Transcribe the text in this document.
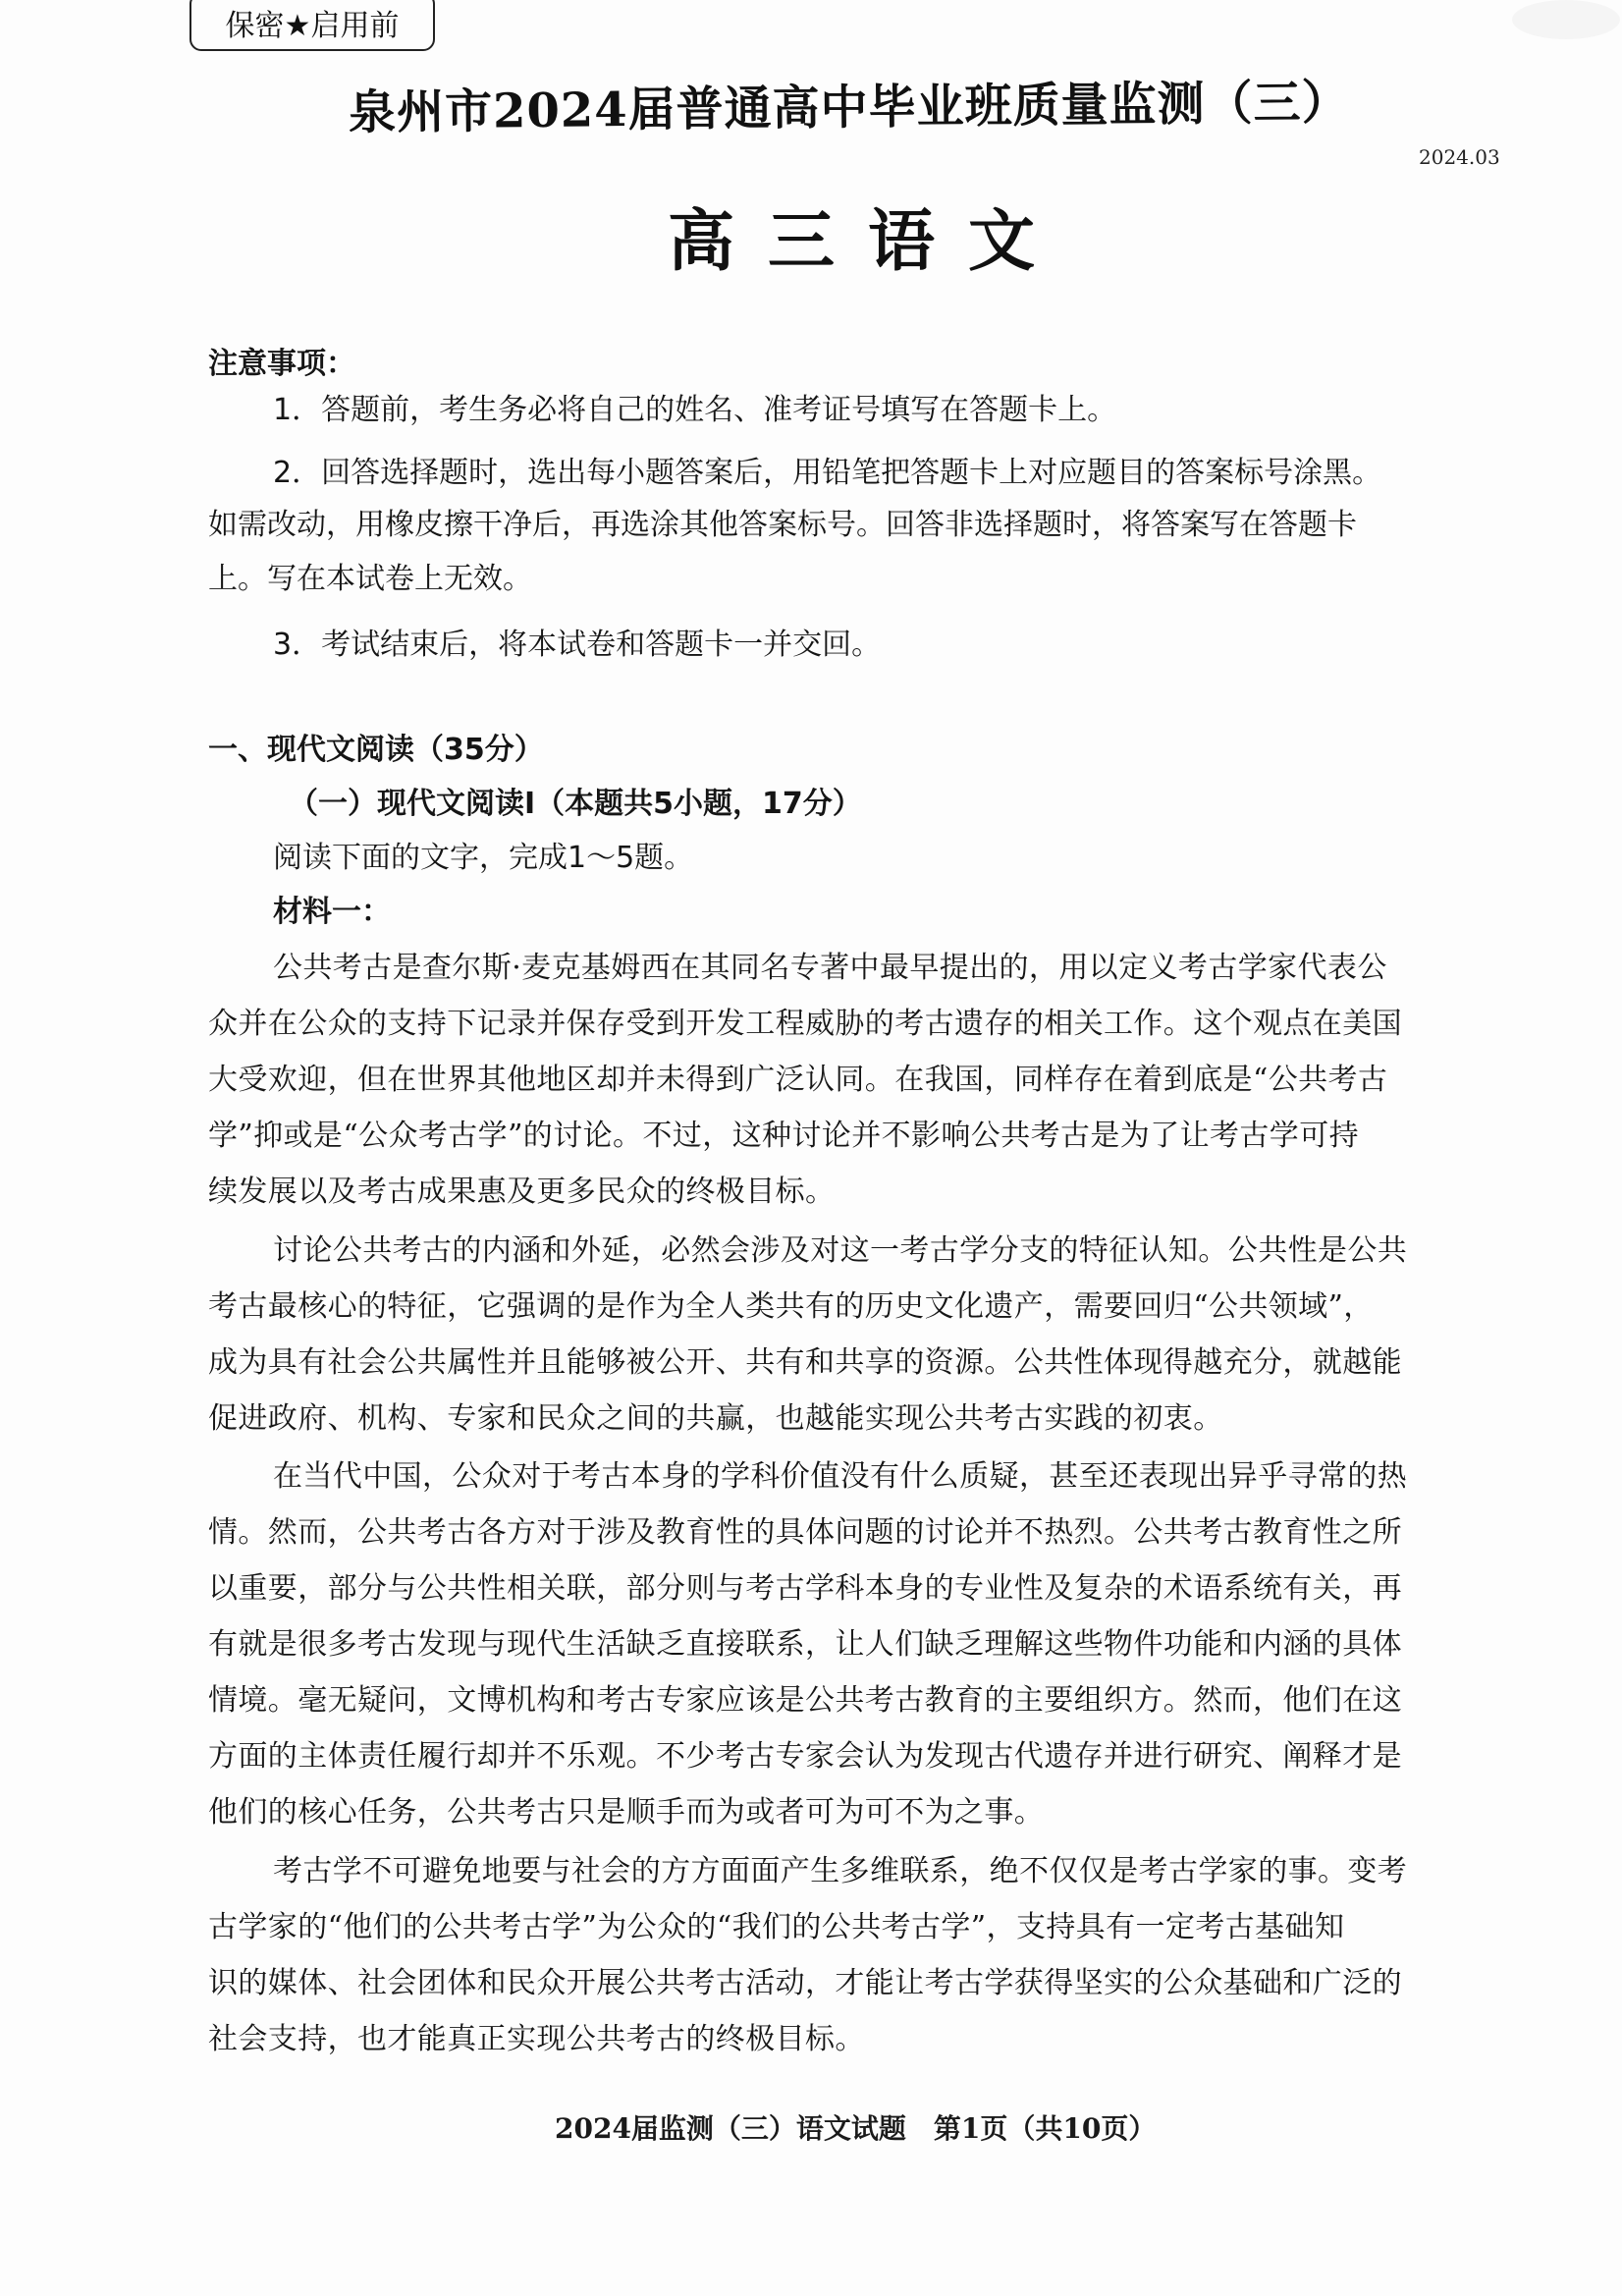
保密★启用前
泉州市2024届普通高中毕业班质量监测（三）
2024.03
高三语文
注意事项：
1．答题前，考生务必将自己的姓名、准考证号填写在答题卡上。
2．回答选择题时，选出每小题答案后，用铅笔把答题卡上对应题目的答案标号涂黑。
如需改动，用橡皮擦干净后，再选涂其他答案标号。回答非选择题时，将答案写在答题卡
上。写在本试卷上无效。
3．考试结束后，将本试卷和答题卡一并交回。
一、现代文阅读（35分）
（一）现代文阅读Ⅰ（本题共5小题，17分）
阅读下面的文字，完成1～5题。
材料一：
公共考古是查尔斯·麦克基姆西在其同名专著中最早提出的，用以定义考古学家代表公
众并在公众的支持下记录并保存受到开发工程威胁的考古遗存的相关工作。这个观点在美国
大受欢迎，但在世界其他地区却并未得到广泛认同。在我国，同样存在着到底是“公共考古
学”抑或是“公众考古学”的讨论。不过，这种讨论并不影响公共考古是为了让考古学可持
续发展以及考古成果惠及更多民众的终极目标。
讨论公共考古的内涵和外延，必然会涉及对这一考古学分支的特征认知。公共性是公共
考古最核心的特征，它强调的是作为全人类共有的历史文化遗产，需要回归“公共领域”，
成为具有社会公共属性并且能够被公开、共有和共享的资源。公共性体现得越充分，就越能
促进政府、机构、专家和民众之间的共赢，也越能实现公共考古实践的初衷。
在当代中国，公众对于考古本身的学科价值没有什么质疑，甚至还表现出异乎寻常的热
情。然而，公共考古各方对于涉及教育性的具体问题的讨论并不热烈。公共考古教育性之所
以重要，部分与公共性相关联，部分则与考古学科本身的专业性及复杂的术语系统有关，再
有就是很多考古发现与现代生活缺乏直接联系，让人们缺乏理解这些物件功能和内涵的具体
情境。毫无疑问，文博机构和考古专家应该是公共考古教育的主要组织方。然而，他们在这
方面的主体责任履行却并不乐观。不少考古专家会认为发现古代遗存并进行研究、阐释才是
他们的核心任务，公共考古只是顺手而为或者可为可不为之事。
考古学不可避免地要与社会的方方面面产生多维联系，绝不仅仅是考古学家的事。变考
古学家的“他们的公共考古学”为公众的“我们的公共考古学”，支持具有一定考古基础知
识的媒体、社会团体和民众开展公共考古活动，才能让考古学获得坚实的公众基础和广泛的
社会支持，也才能真正实现公共考古的终极目标。
2024届监测（三）语文试题　第1页（共10页）
